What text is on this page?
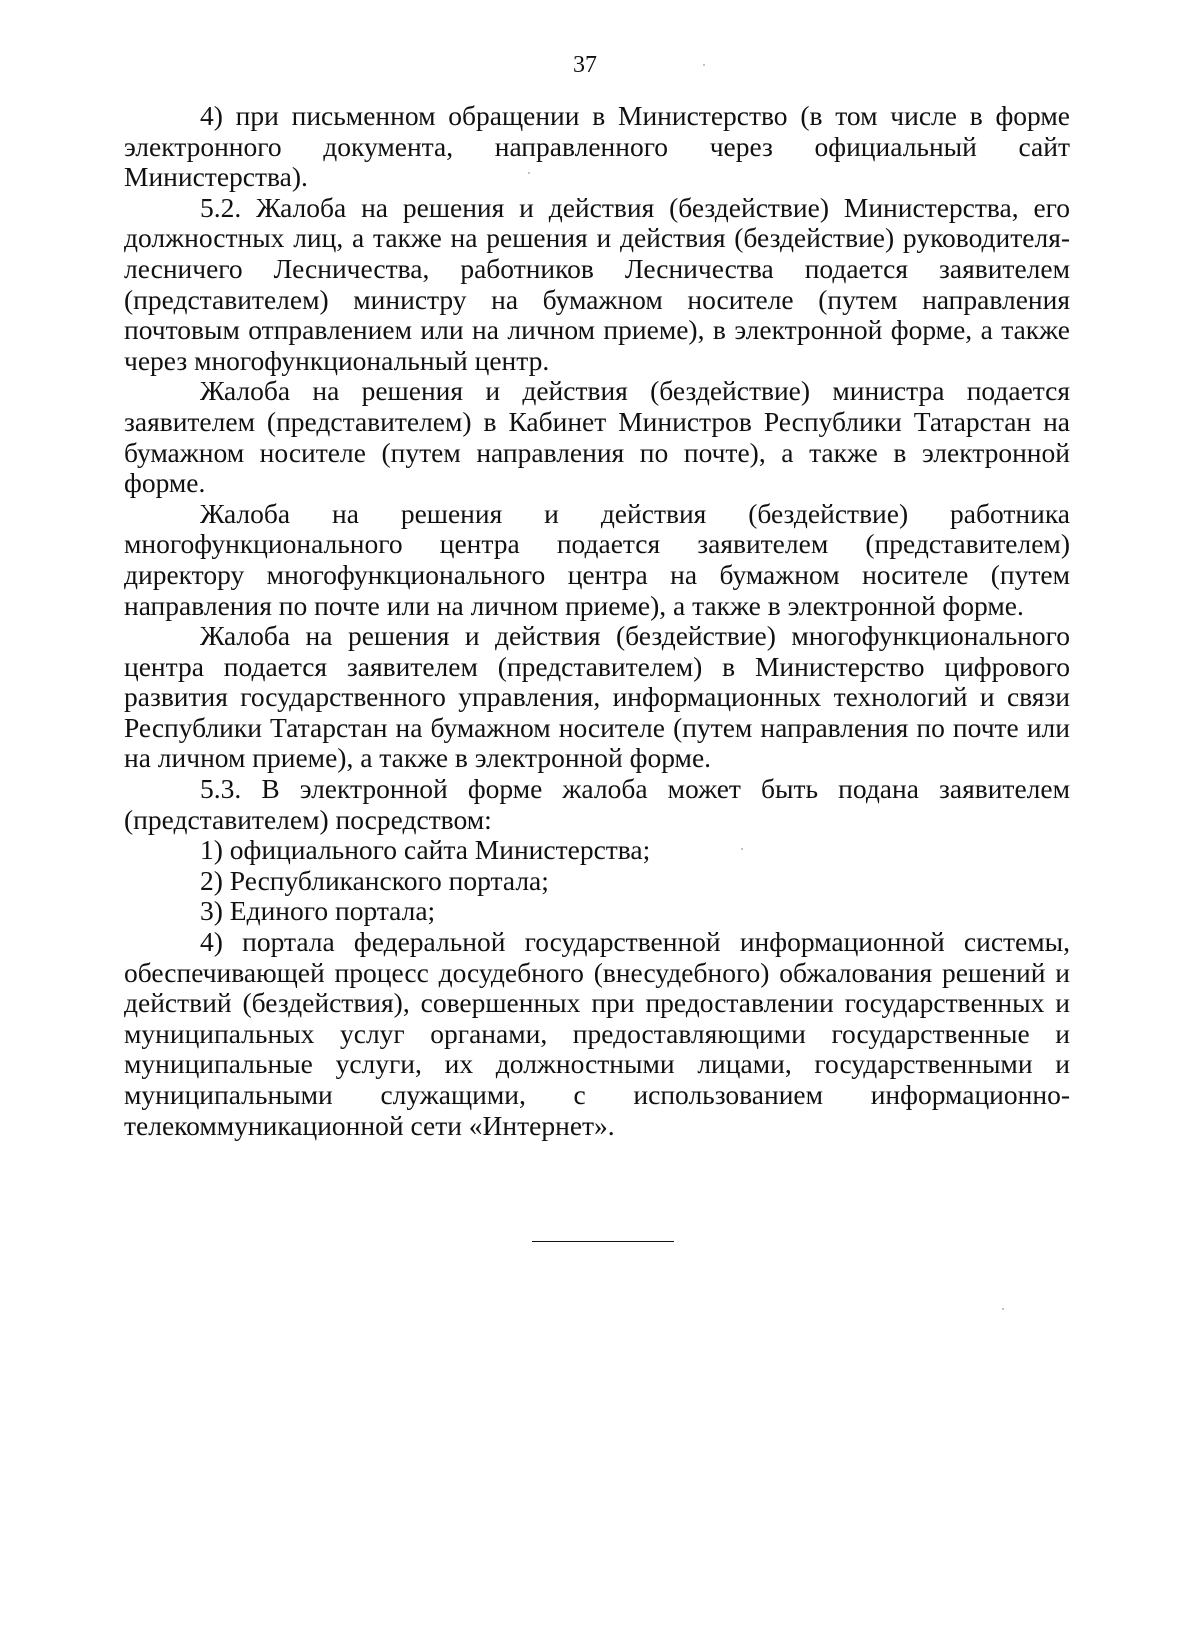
37

4) при письменном обращении в Министерство (в том числе в форме электронного документа, направленного через официальный сайт Министерства).

5.2. Жалоба на решения и действия (бездействие) Министерства, его должностных лиц, а также на решения и действия (бездействие) руководителя-лесничего Лесничества, работников Лесничества подается заявителем (представителем) министру на бумажном носителе (путем направления почтовым отправлением или на личном приеме), в электронной форме, а также через многофункциональный центр.

Жалоба на решения и действия (бездействие) министра подается заявителем (представителем) в Кабинет Министров Республики Татарстан на бумажном носителе (путем направления по почте), а также в электронной форме.

Жалоба на решения и действия (бездействие) работника многофункционального центра подается заявителем (представителем) директору многофункционального центра на бумажном носителе (путем направления по почте или на личном приеме), а также в электронной форме.

Жалоба на решения и действия (бездействие) многофункционального центра подается заявителем (представителем) в Министерство цифрового развития государственного управления, информационных технологий и связи Республики Татарстан на бумажном носителе (путем направления по почте или на личном приеме), а также в электронной форме.

5.3. В электронной форме жалоба может быть подана заявителем (представителем) посредством:

1) официального сайта Министерства;

2) Республиканского портала;

3) Единого портала;

4) портала федеральной государственной информационной системы, обеспечивающей процесс досудебного (внесудебного) обжалования решений и действий (бездействия), совершенных при предоставлении государственных и муниципальных услуг органами, предоставляющими государственные и муниципальные услуги, их должностными лицами, государственными и муниципальными служащими, с использованием информационно-телекоммуникационной сети «Интернет».
